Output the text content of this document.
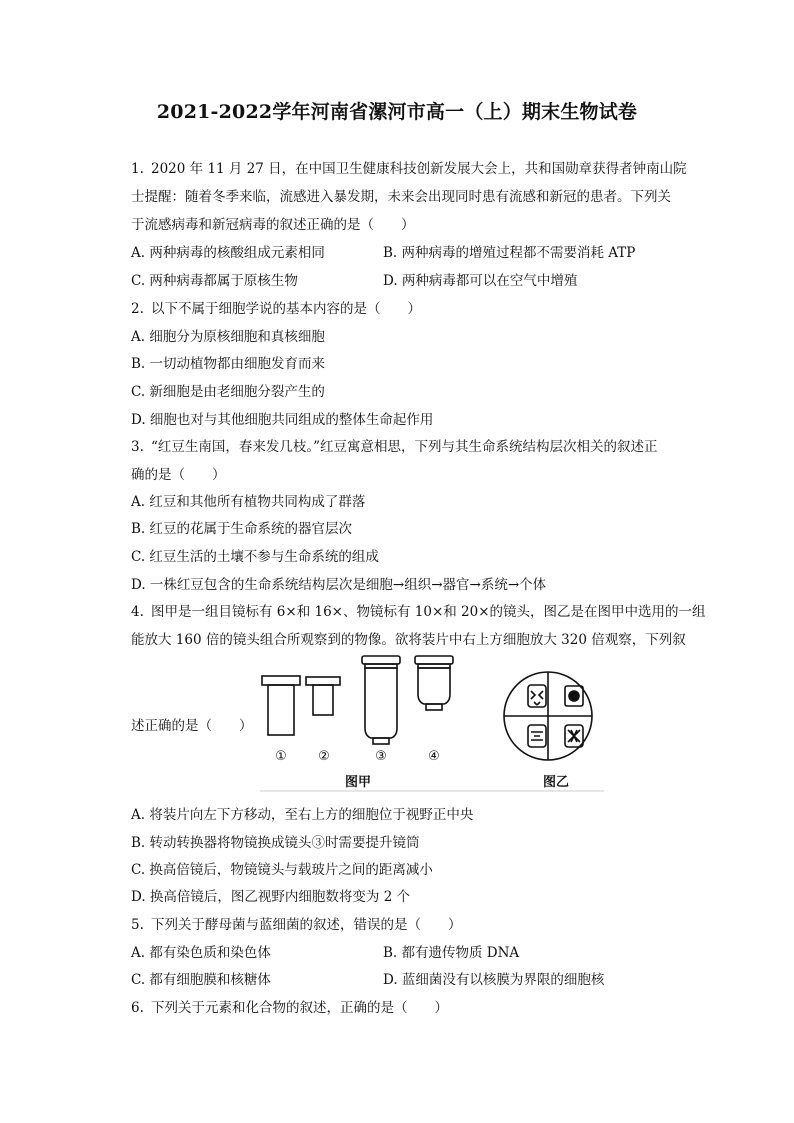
2021-2022学年河南省漯河市高一（上）期末生物试卷
1. 2020 年 11 月 27 日，在中国卫生健康科技创新发展大会上，共和国勋章获得者钟南山院
士提醒：随着冬季来临，流感进入暴发期，未来会出现同时患有流感和新冠的患者。下列关
于流感病毒和新冠病毒的叙述正确的是（　　）
A. 两种病毒的核酸组成元素相同	B. 两种病毒的增殖过程都不需要消耗 ATP
C. 两种病毒都属于原核生物	D. 两种病毒都可以在空气中增殖
2. 以下不属于细胞学说的基本内容的是（　　）
A. 细胞分为原核细胞和真核细胞
B. 一切动植物都由细胞发育而来
C. 新细胞是由老细胞分裂产生的
D. 细胞也对与其他细胞共同组成的整体生命起作用
3. “红豆生南国，春来发几枝。”红豆寓意相思，下列与其生命系统结构层次相关的叙述正
确的是（　　）
A. 红豆和其他所有植物共同构成了群落
B. 红豆的花属于生命系统的器官层次
C. 红豆生活的土壤不参与生命系统的组成
D. 一株红豆包含的生命系统结构层次是细胞→组织→器官→系统→个体
4. 图甲是一组目镜标有 6×和 16×、物镜标有 10×和 20×的镜头，图乙是在图甲中选用的一组
能放大 160 倍的镜头组合所观察到的物像。欲将装片中右上方细胞放大 320 倍观察，下列叙
述正确的是（　　）
① ②	③	④
图甲	图乙
A. 将装片向左下方移动，至右上方的细胞位于视野正中央
B. 转动转换器将物镜换成镜头③时需要提升镜筒
C. 换高倍镜后，物镜镜头与载玻片之间的距离减小
D. 换高倍镜后，图乙视野内细胞数将变为 2 个
5. 下列关于酵母菌与蓝细菌的叙述，错误的是（　　）
A. 都有染色质和染色体	B. 都有遗传物质 DNA
C. 都有细胞膜和核糖体	D. 蓝细菌没有以核膜为界限的细胞核
6. 下列关于元素和化合物的叙述，正确的是（　　）
